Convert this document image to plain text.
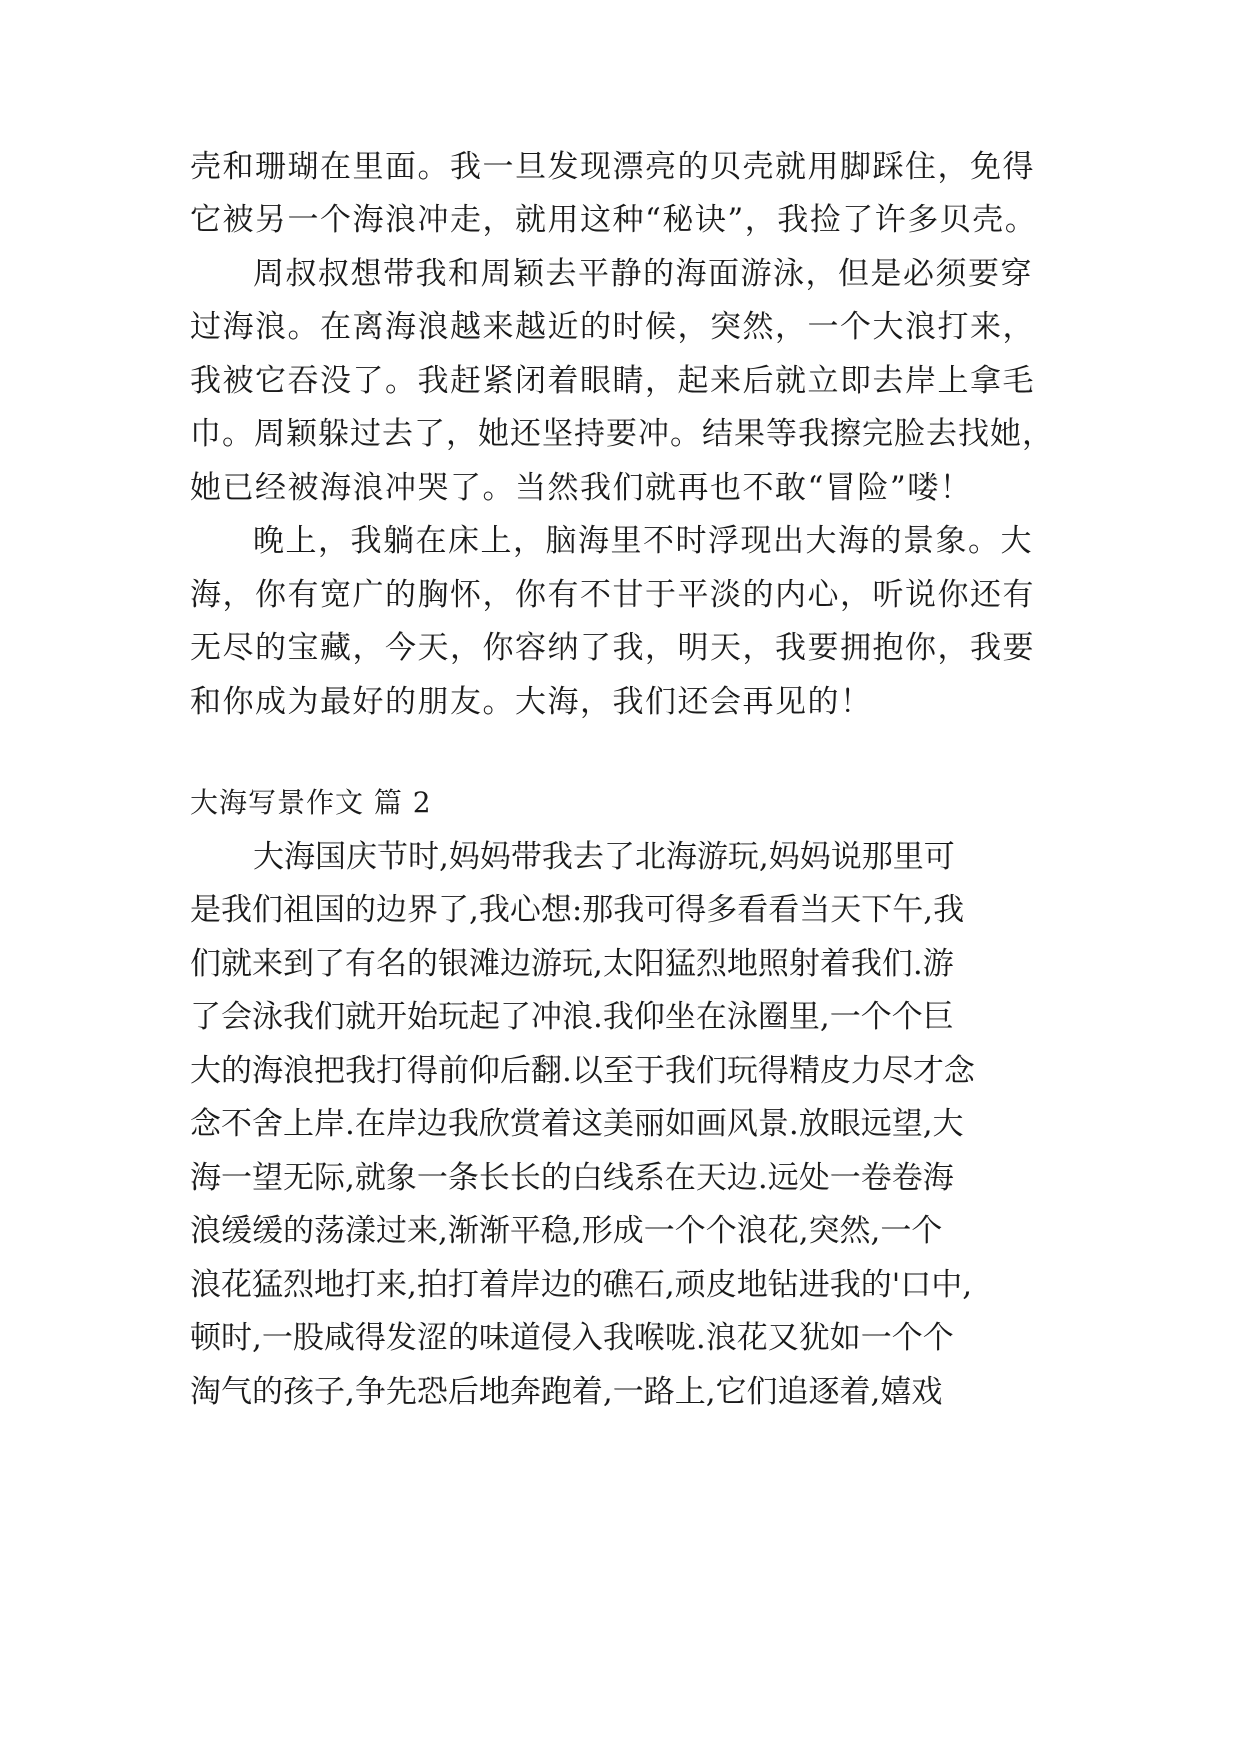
壳和珊瑚在里面。我一旦发现漂亮的贝壳就用脚踩住，免得
它被另一个海浪冲走，就用这种“秘诀”，我捡了许多贝壳。
周叔叔想带我和周颖去平静的海面游泳，但是必须要穿
过海浪。在离海浪越来越近的时候，突然，一个大浪打来，
我被它吞没了。我赶紧闭着眼睛，起来后就立即去岸上拿毛
巾。周颖躲过去了，她还坚持要冲。结果等我擦完脸去找她，
她已经被海浪冲哭了。当然我们就再也不敢“冒险”喽！
晚上，我躺在床上，脑海里不时浮现出大海的景象。大
海，你有宽广的胸怀，你有不甘于平淡的内心，听说你还有
无尽的宝藏，今天，你容纳了我，明天，我要拥抱你，我要
和你成为最好的朋友。大海，我们还会再见的！
大海写景作文 篇 2
大海国庆节时,妈妈带我去了北海游玩,妈妈说那里可
是我们祖国的边界了,我心想:那我可得多看看当天下午,我
们就来到了有名的银滩边游玩,太阳猛烈地照射着我们.游
了会泳我们就开始玩起了冲浪.我仰坐在泳圈里,一个个巨
大的海浪把我打得前仰后翻.以至于我们玩得精皮力尽才念
念不舍上岸.在岸边我欣赏着这美丽如画风景.放眼远望,大
海一望无际,就象一条长长的白线系在天边.远处一卷卷海
浪缓缓的荡漾过来,渐渐平稳,形成一个个浪花,突然,一个
浪花猛烈地打来,拍打着岸边的礁石,顽皮地钻进我的'口中,
顿时,一股咸得发涩的味道侵入我喉咙.浪花又犹如一个个
淘气的孩子,争先恐后地奔跑着,一路上,它们追逐着,嬉戏
